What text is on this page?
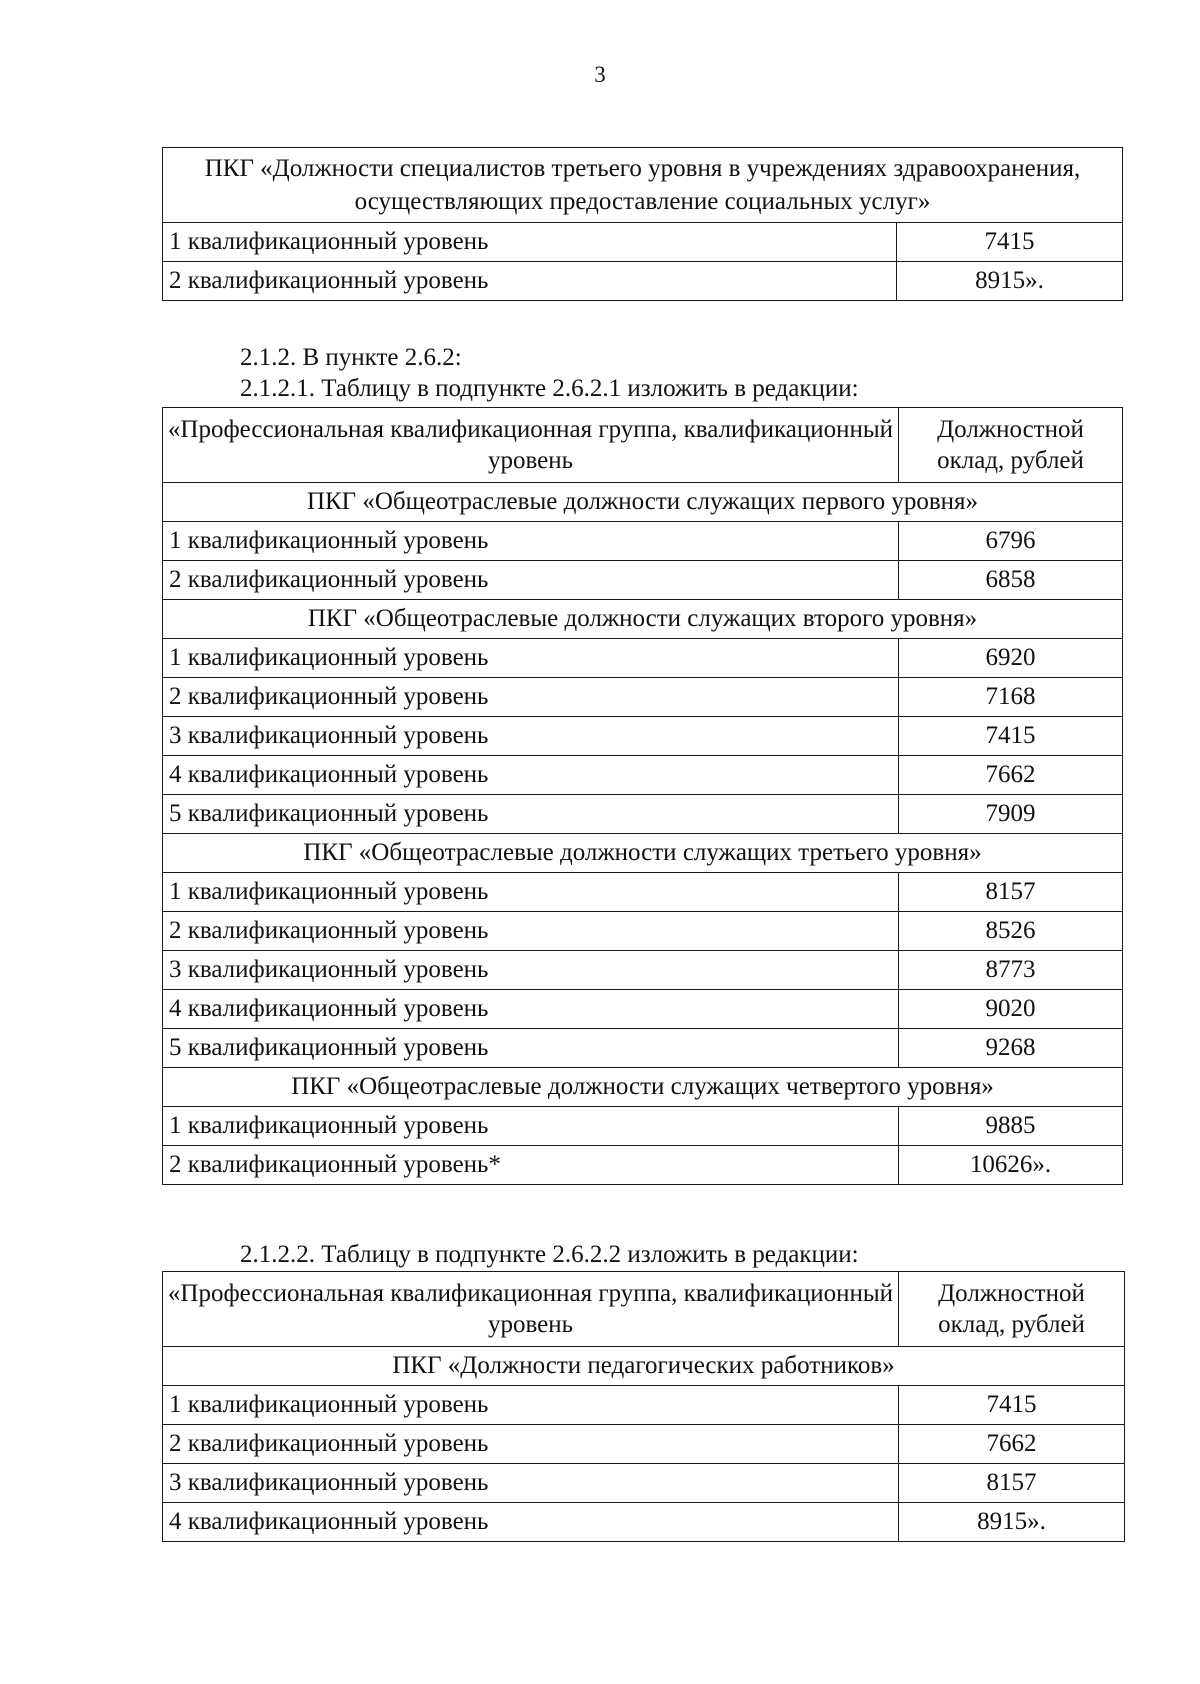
3
ПКГ «Должности специалистов третьего уровня в учреждениях здравоохранения, осуществляющих предоставление социальных услуг»	
1 квалификационный уровень	7415
2 квалификационный уровень	8915».
2.1.2. В пункте 2.6.2:
2.1.2.1. Таблицу в подпункте 2.6.2.1 изложить в редакции:
«Профессиональная квалификационная группа, квалификационный уровень	Должностной оклад, рублей
ПКГ «Общеотраслевые должности служащих первого уровня»	
1 квалификационный уровень	6796
2 квалификационный уровень	6858
ПКГ «Общеотраслевые должности служащих второго уровня»	
1 квалификационный уровень	6920
2 квалификационный уровень	7168
3 квалификационный уровень	7415
4 квалификационный уровень	7662
5 квалификационный уровень	7909
ПКГ «Общеотраслевые должности служащих третьего уровня»	
1 квалификационный уровень	8157
2 квалификационный уровень	8526
3 квалификационный уровень	8773
4 квалификационный уровень	9020
5 квалификационный уровень	9268
ПКГ «Общеотраслевые должности служащих четвертого уровня»	
1 квалификационный уровень	9885
2 квалификационный уровень*	10626».
2.1.2.2. Таблицу в подпункте 2.6.2.2 изложить в редакции:
«Профессиональная квалификационная группа, квалификационный уровень	Должностной оклад, рублей
ПКГ «Должности педагогических работников»	
1 квалификационный уровень	7415
2 квалификационный уровень	7662
3 квалификационный уровень	8157
4 квалификационный уровень	8915».
